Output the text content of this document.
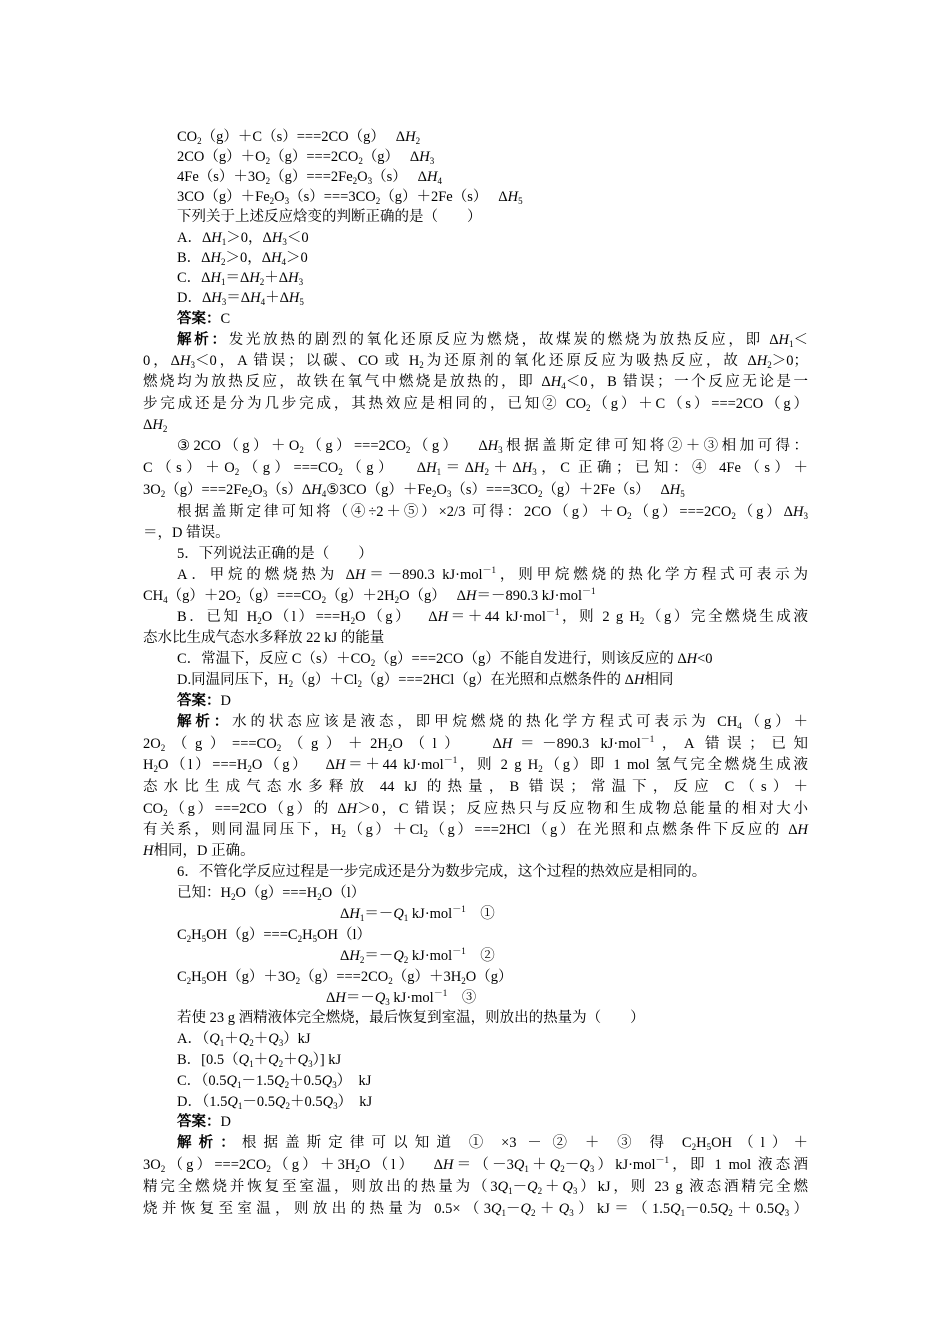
$CO_2(g)+C(s)===2CO(g)$　 $\Delta H_2$
$2CO(g)+O_2(g)===2CO_2(g)$　 $\Delta H_3$
$4Fe(s)+3O_2(g)===2Fe_2O_3(s)$　 $\Delta H_4$
$3CO(g)+Fe_2O_3(s)===3CO_2(g)+2Fe(s)$　 $\Delta H_5$
下列关于上述反应焓变的判断正确的是（　　）
A．$\Delta H_1>0$，$\Delta H_3<0$
B．$\Delta H_2>0$，$\Delta H_4>0$
C．$\Delta H_1=\Delta H_2+\Delta H_3$
D．$\Delta H_3=\Delta H_4+\Delta H_5$
答案：C
解析：发光放热的剧烈的氧化还原反应为燃烧，故煤炭的燃烧为放热反应，即 $\Delta H_1<$
0，$\Delta H_3<0$，A 错误；以碳、CO 或 $H_2$为还原剂的氧化还原反应为吸热反应，故 $\Delta H_2>0$；
燃烧均为放热反应，故铁在氧气中燃烧是放热的，即 $\Delta H_4<0$，B 错误；一个反应无论是一
步完成还是分为几步完成，其热效应是相同的，已知② $CO_2(g)+C(s)===2CO(g)$
$\Delta H_2$
$③2CO(g)+O_2(g)===2CO_2(g)$　 $\Delta H_3$根据盖斯定律可知将②＋③相加可得：
$C(s)+O_2(g)===CO_2(g)$　 $\Delta H_1=\Delta H_2+\Delta H_3$，C 正确；已知：④ 4Fe（s）＋
$3O_2(g)===2Fe_2O_3(s)\Delta H_4⑤3CO(g)+Fe_2O_3(s)===3CO_2(g)+2Fe(s)$　 $\Delta H_5$
根据盖斯定律可知将（④÷2＋⑤）×2/3 可得：$2CO(g)+O_2(g)===2CO_2(g)\Delta H_3$
＝，D 错误。
5．下列说法正确的是（　　）
A．甲烷的燃烧热为 ΔH＝－890.3 kJ·mol$^{-1}$，则甲烷燃烧的热化学方程式可表示为
$CH_4(g)+2O_2(g)===CO_2(g)+2H_2O(g)$　 ΔH＝－890.3 kJ·mol$^{-1}$
B．已知 $H_2O(l)===H_2O(g)$　 ΔH＝＋44 kJ·mol$^{-1}$，则 2 g $H_2(g)$完全燃烧生成液
态水比生成气态水多释放 22 kJ 的能量
C．常温下，反应 $C(s)+CO_2(g)===2CO(g)$不能自发进行，则该反应的 ΔH<0
D.同温同压下，$H_2(g)+Cl_2(g)===2HCl(g)$在光照和点燃条件的 ΔH相同
答案：D
解析：水的状态应该是液态，即甲烷燃烧的热化学方程式可表示为 $CH_4(g)+$
$2O_2(g)===CO_2(g)+2H_2O(l)$　 ΔH＝－890.3 kJ·mol$^{-1}$，A 错误；已知
$H_2O(l)===H_2O(g)$　 ΔH＝＋44 kJ·mol$^{-1}$，则 2 g $H_2(g)$即 1 mol 氢气完全燃烧生成液
态水比生成气态水多释放 44 kJ 的热量，B 错误；常温下，反应 C（s）＋
$CO_2(g)===2CO(g)$的 ΔH＞0，C 错误；反应热只与反应物和生成物总能量的相对大小
有关系，则同温同压下，$H_2(g)+Cl_2(g)===2HCl(g)$在光照和点燃条件下反应的 ΔH
H相同，D 正确。
6．不管化学反应过程是一步完成还是分为数步完成，这个过程的热效应是相同的。
已知：$H_2O(g)===H_2O(l)$
$\Delta H_1=-Q_1$ kJ·mol$^{-1}$　①
$C_2H_5OH(g)===C_2H_5OH(l)$
$\Delta H_2=-Q_2$ kJ·mol$^{-1}$　②
$C_2H_5OH(g)+3O_2(g)===2CO_2(g)+3H_2O(g)$
$\Delta H=-Q_3$ kJ·mol$^{-1}$　③
若使 23 g 酒精液体完全燃烧，最后恢复到室温，则放出的热量为（　　）
A．$(Q_1+Q_2+Q_3)kJ$
B．$[0.5(Q_1+Q_2+Q_3)]$ kJ
C．$(0.5Q_1-1.5Q_2+0.5Q_3)$　kJ
D．$(1.5Q_1-0.5Q_2+0.5Q_3)$　kJ
答案：D
解析：根据盖斯定律可以知道 ① ×3 － ② ＋ ③ 得 $C_2H_5OH(l)+$
$3O_2(g)===2CO_2(g)+3H_2O(l)$　 $\Delta H=(-3Q_1+Q_2-Q_3)kJ\cdot mol^{-1}$，即 1 mol 液态酒
精完全燃烧并恢复至室温，则放出的热量为$(3Q_1-Q_2+Q_3)kJ$，则 23 g 液态酒精完全燃
烧并恢复至室温，则放出的热量为 $0.5\times(3Q_1-Q_2+Q_3)kJ=(1.5Q_1-0.5Q_2+0.5Q_3)$
